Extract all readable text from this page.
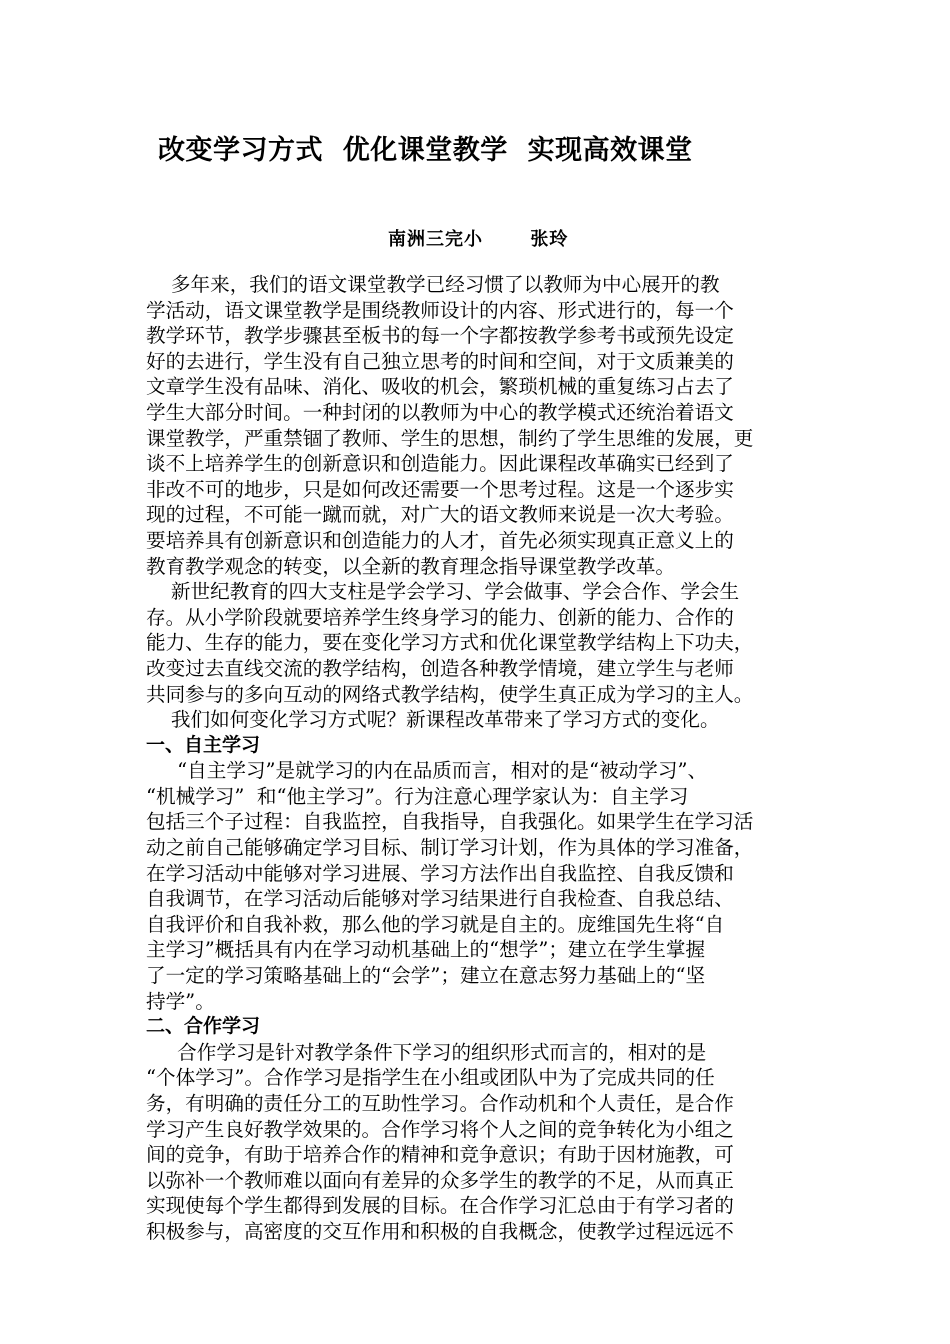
改变学习方式  优化课堂教学  实现高效课堂
南洲三完小    张玲
多年来，我们的语文课堂教学已经习惯了以教师为中心展开的教
学活动，语文课堂教学是围绕教师设计的内容、形式进行的，每一个
教学环节，教学步骤甚至板书的每一个字都按教学参考书或预先设定
好的去进行，学生没有自己独立思考的时间和空间，对于文质兼美的
文章学生没有品味、消化、吸收的机会，繁琐机械的重复练习占去了
学生大部分时间。一种封闭的以教师为中心的教学模式还统治着语文
课堂教学，严重禁锢了教师、学生的思想，制约了学生思维的发展，更
谈不上培养学生的创新意识和创造能力。因此课程改革确实已经到了
非改不可的地步，只是如何改还需要一个思考过程。这是一个逐步实
现的过程，不可能一蹴而就，对广大的语文教师来说是一次大考验。
要培养具有创新意识和创造能力的人才，首先必须实现真正意义上的
教育教学观念的转变，以全新的教育理念指导课堂教学改革。
新世纪教育的四大支柱是学会学习、学会做事、学会合作、学会生
存。从小学阶段就要培养学生终身学习的能力、创新的能力、合作的
能力、生存的能力，要在变化学习方式和优化课堂教学结构上下功夫，
改变过去直线交流的教学结构，创造各种教学情境，建立学生与老师
共同参与的多向互动的网络式教学结构，使学生真正成为学习的主人。
我们如何变化学习方式呢？新课程改革带来了学习方式的变化。
一、自主学习
“自主学习”是就学习的内在品质而言，相对的是“被动学习”、
“机械学习”  和“他主学习”。行为注意心理学家认为：自主学习
包括三个子过程：自我监控，自我指导，自我强化。如果学生在学习活
动之前自己能够确定学习目标、制订学习计划，作为具体的学习准备，
在学习活动中能够对学习进展、学习方法作出自我监控、自我反馈和
自我调节，在学习活动后能够对学习结果进行自我检查、自我总结、
自我评价和自我补救，那么他的学习就是自主的。庞维国先生将“自
主学习”概括具有内在学习动机基础上的“想学”；建立在学生掌握
了一定的学习策略基础上的“会学”；建立在意志努力基础上的“坚
持学”。
二、合作学习
合作学习是针对教学条件下学习的组织形式而言的，相对的是
“个体学习”。合作学习是指学生在小组或团队中为了完成共同的任
务，有明确的责任分工的互助性学习。合作动机和个人责任，是合作
学习产生良好教学效果的。合作学习将个人之间的竞争转化为小组之
间的竞争，有助于培养合作的精神和竞争意识；有助于因材施教，可
以弥补一个教师难以面向有差异的众多学生的教学的不足，从而真正
实现使每个学生都得到发展的目标。在合作学习汇总由于有学习者的
积极参与，高密度的交互作用和积极的自我概念，使教学过程远远不
